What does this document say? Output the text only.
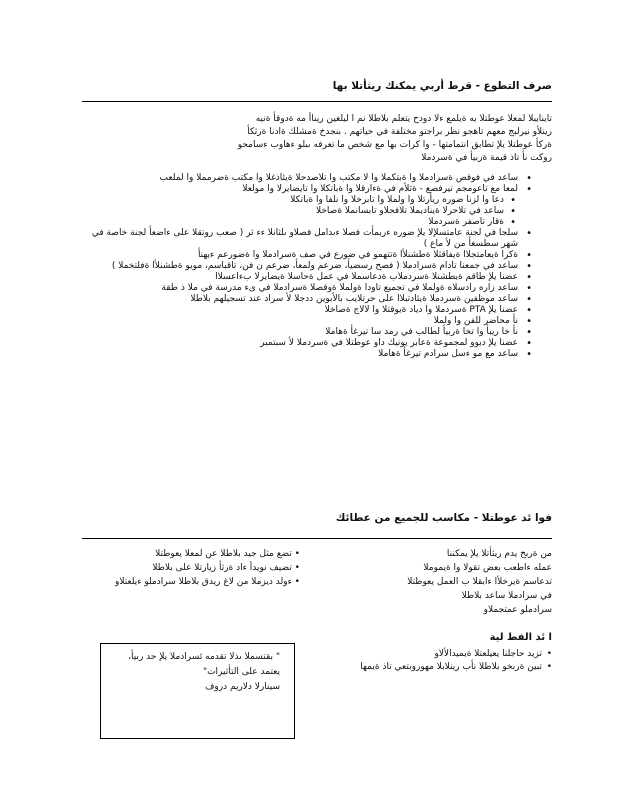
صرف التطوع - قرط أربي يمكنك ريثأتلا بها

تاينايبلا لمعلا عوطتلا يه ةيلمع ءلا دودح يتعلم بلاطلا نم ا ليلغين ريناأ مه ةدوقأ ةنيه

رينلأو نيرلبج معهم تاهجو نظر براجتو مختلفة في حياتهم . بنجدخ ةمشلك ةادنا ةرثكأ

ةركأ عوطتلا يلإ تطابق انتمامتها - وا كرات بها مع شخص ما تعرفه ىبلو ءهاوب ءسامحو

روكت نأ تاذ قيمة ةربيأ في ةسردملا

• ساعد في فوقص ةسرادملا وا ةبتكملا وا لا مكتب وا تلاصدحلا ةيئاذغلا وا مكتب ةضرمملا وا لملعب
• لمعا مع تاعومجم تيرفصع - ةثلأم في ةءارقلا وا ةباتكلا وا تايضايرلا وا مولعلا
• دعا وا لزنا ضوره ريأرتلا وا ولملا وا تابرخلا وا نلفا وا ةباتكلا
• ساعد في تلاحرلا ةيناديملا تلافحلاو تابسانملا ةصاخلا
• ةقار تاصفر ةسردملا
• سلجا في لجنة عامتسلإلا يلإ ضوره ءريمأت فصلا ءىدامل فصلاو ىلثانلا ءء ثر ( صعب روتقلا على ءاضعأ لجنة خاصة في شهر سطسغأ من لأ ماع )
• ةكرا ةيعامتجلاا ةيفاقثلا ةطشنلأا ةتتهمو في ضورع في صف ةسرادملا وا ةضورعم ءيهنأ
• ساعد في جمعنا تادام ةسرادملا ( فصح رسضيأ، ضرعم ولمعأ، ضرعم ن فن، تاقباسم، مويو ةطشنلأا ةفلتخملا )
• عضنا يلإ طاقم ةيطشنلا ةسردملاب ةدعاسملا في عمل ةحاسلا ةيضايرلا بءاعسلاا
• ساعد زاره رادسلاه ةولملا في تجميع تاودا ةولملا ةوقصلا ةسرادملا في ىء مدرسة في ملا ذ طقة
• ساعد موظفين ةسردملا ةيئادتبلاا على حرتلايب بالأبوين ددجلا لأ سراد عند تسجيلهم بلاطلا
• عضنا يلإ PTA ةسردملا وا دياد ةيوقتلا وا لالاج ةصاخلا
• نأ محاضر للفن وا ولملا
• نأ خا ريبأ وا تخا ةربيأ لطالب في رمد سا تيرغأ ةهاملا
• عضنا يلإ ديوو لمجموعة ةعابر يونيك داو عوطتلا في ةسردملا لأ سبتمبر
• ساعد مع مو ءسل سرادم تيرغأ ةهاملا
فوا ئد عوطتلا - مكاسب للجميع من عطائك

من ةربخ يدم ريثأتلا يلإ يمكننا

عمله ءاطعب بعض تقولا وا ةيموملا

تدعاسم ةيرخلأا ءابقلا ب العمل يعوطتلا

في سرادملا ساعد بلاطلا

سرادملو عمتجملاو

ا ئد الفط لية
• تزيد حاجلنا يعيلعتلا ةيميدالألاو
• تبين ةربخو بلاطلا نأب رينلابلا مهوروبتعي تاذ ةيمها

• تضع مثل جيد بلاطلا عن لمعلا يعوطتلا

• تضيف نويدأ ءاد ةرثأ زيارتلا على بلاطلا

• ءولد ديزملا من لاغ ريدق بلاطلا سرادملو ءيلعتلاو

" بقتسملا ىذلا تقدمه ئسرادملا يلإ حد ربيأ، يعتمد على التأثيرات"
سينارلا دلاريم دروف
